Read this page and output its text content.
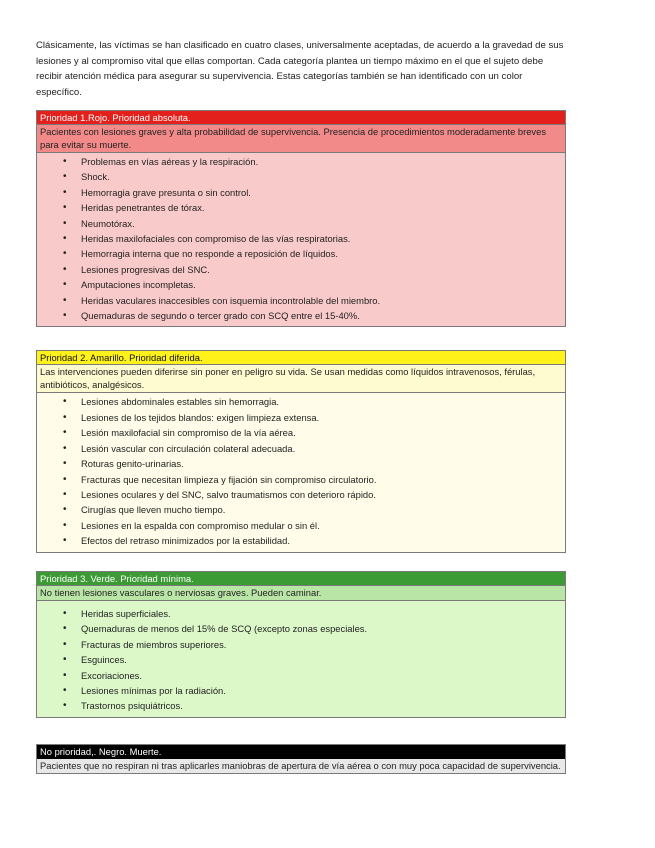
Clásicamente, las víctimas se han clasificado en cuatro clases, universalmente aceptadas, de acuerdo a la gravedad de sus lesiones y al compromiso vital que ellas comportan. Cada categoría plantea un tiempo máximo en el que el sujeto debe recibir atención médica para asegurar su supervivencia. Estas categorías también se han identificado con un color específico.

Prioridad 1.Rojo. Prioridad absoluta.
Pacientes con lesiones graves y alta probabilidad de supervivencia. Presencia de procedimientos moderadamente breves para evitar su muerte.
• Problemas en vías aéreas y la respiración.
• Shock.
• Hemorragia grave presunta o sin control.
• Heridas penetrantes de tórax.
• Neumotórax.
• Heridas maxilofaciales con compromiso de las vías respiratorias.
• Hemorragia interna que no responde a reposición de líquidos.
• Lesiones progresivas del SNC.
• Amputaciones incompletas.
• Heridas vaculares inaccesibles con isquemia incontrolable del miembro.
• Quemaduras de segundo o tercer grado con SCQ entre el 15-40%.
Prioridad 2. Amarillo. Prioridad diferida.
Las intervenciones pueden diferirse sin poner en peligro su vida. Se usan medidas como líquidos intravenosos, férulas, antibióticos, analgésicos.
• Lesiones abdominales estables sin hemorragia.
• Lesiones de los tejidos blandos: exigen limpieza extensa.
• Lesión maxilofacial sin compromiso de la vía aérea.
• Lesión vascular con circulación colateral adecuada.
• Roturas genito-urinarias.
• Fracturas que necesitan limpieza y fijación sin compromiso circulatorio.
• Lesiones oculares y del SNC, salvo traumatismos con deterioro rápido.
• Cirugías que lleven mucho tiempo.
• Lesiones en la espalda con compromiso medular o sin él.
• Efectos del retraso minimizados por la estabilidad.
Prioridad 3. Verde. Prioridad mínima.
No tienen lesiones vasculares o nerviosas graves. Pueden caminar.
• Heridas superficiales.
• Quemaduras de menos del 15% de SCQ (excepto zonas especiales.
• Fracturas de miembros superiores.
• Esguinces.
• Excoriaciones.
• Lesiones mínimas por la radiación.
• Trastornos psiquiátricos.
No prioridad,. Negro. Muerte.
Pacientes que no respiran ni tras aplicarles maniobras de apertura de vía aérea o con muy poca capacidad de supervivencia.
